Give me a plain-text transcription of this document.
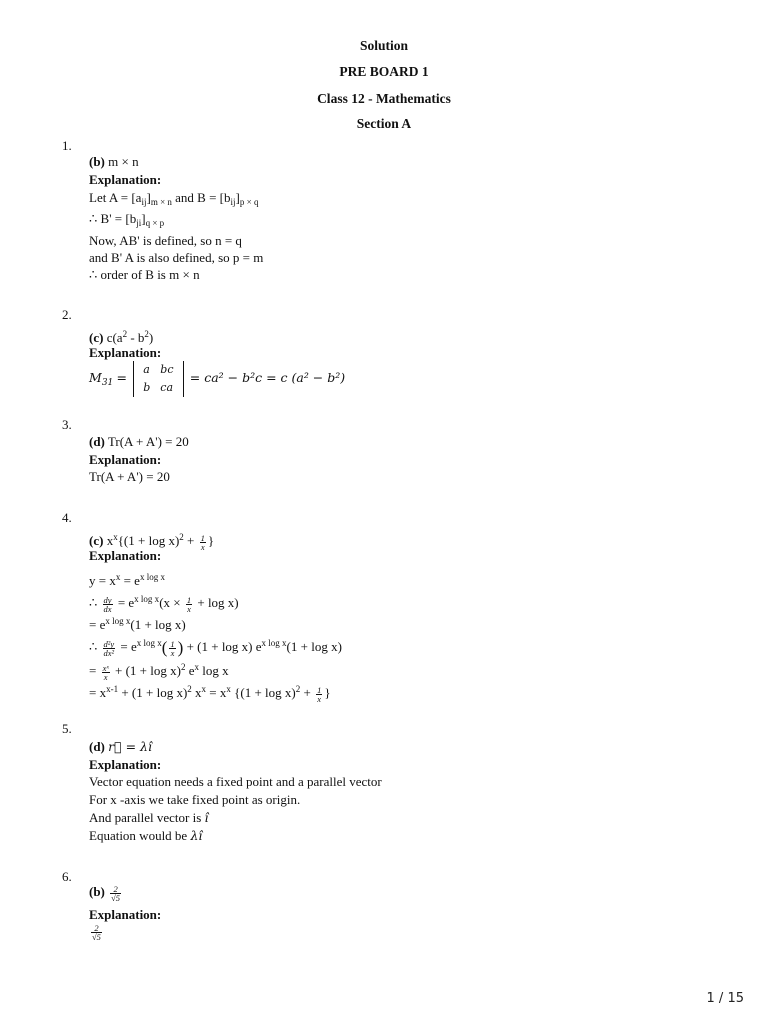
Solution
PRE BOARD 1
Class 12 - Mathematics
Section A
1.
(b) m × n
Explanation:
Let $A = [a_{ij}]_{m \times n}$ and $B = [b_{ij}]_{p \times q}$
∴ $B' = [b_{ji}]_{q \times p}$
Now, AB' is defined, so n = q
and B' A is also defined, so p = m
∴ order of B is m × n
2.
(c) $c(a^2 - b^2)$
Explanation:
$M_{31}$ =
a	bc
b	ca
= ca² − b²c = c (a² − b²)
3.
(d) Tr(A + A') = 20
Explanation:
Tr(A + A') = 20
4.
(c) $x^x\{(1 + \log x)^2 + \frac{1}{x}$ }
Explanation:
$y = x^x = e^{x log x}$
∴ $\frac{dy}{dx} = e^{x log x}(x \times \frac{1}{x} + \log x)$
= $e^{x log x}(1 + \log x)$
∴ $\frac{\text{d²y}}{\text{dx²}} = e^{x log x}( \frac{1}{x}$ ) + (1 + log x) $e^{x log x}(1 + \log x)$
= $\frac{\text{xˣ}}{x} + (1 + \log x)^2$ $e^x$ log x
= $x^{x-1} + (1 + \log x)^2$ $x^x = x^x$ {$(1 + \log x)^2 + \frac{1}{x}$ }
5.
(d) r⃗ = λî
Explanation:
Vector equation needs a fixed point and a parallel vector
For x -axis we take fixed point as origin.
And parallel vector is î
Equation would be λî
6.
$(b) \frac{2}{√5}$
Explanation:
$\frac{2}{√5}$
1 / 15
